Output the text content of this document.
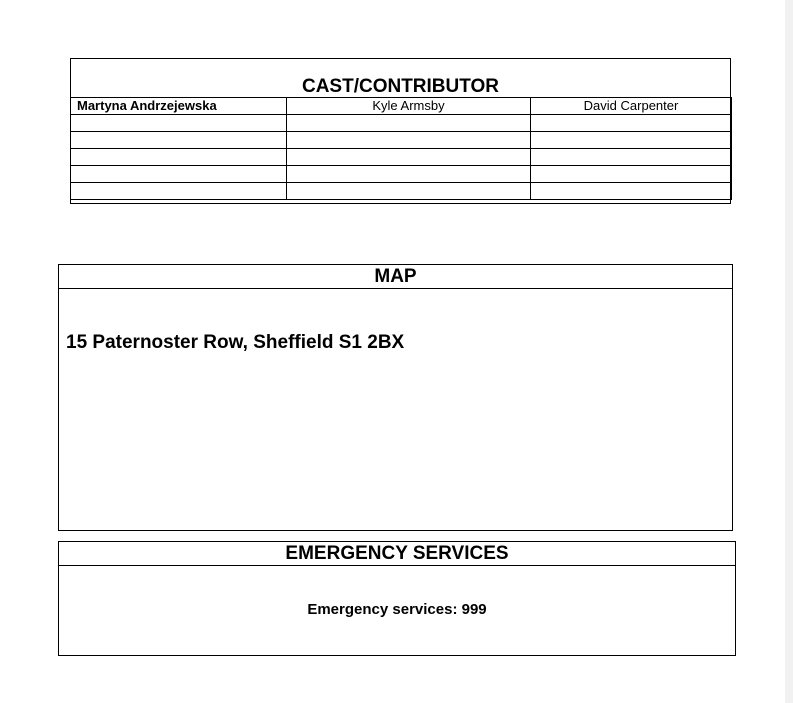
CAST/CONTRIBUTOR
Martyna Andrzejewska	Kyle Armsby	David Carpenter

MAP
15 Paternoster Row, Sheffield S1 2BX
EMERGENCY SERVICES
Emergency services: 999
